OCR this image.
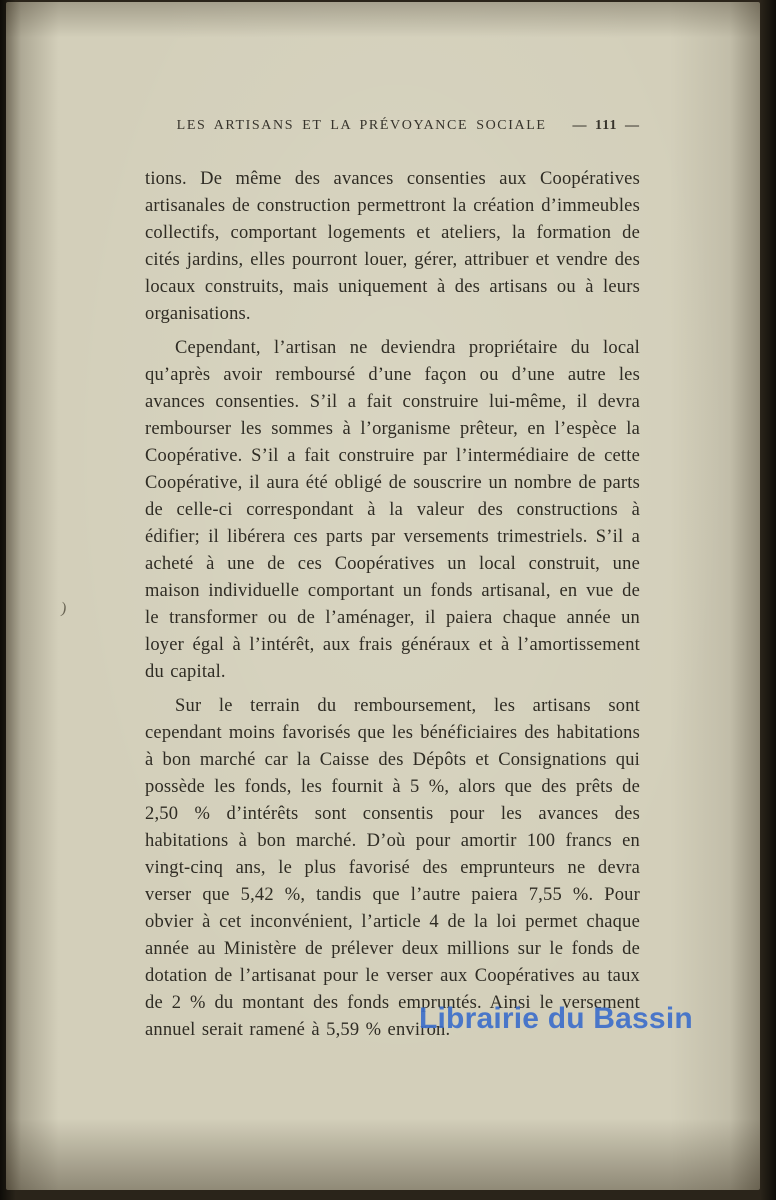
LES ARTISANS ET LA PRÉVOYANCE SOCIALE — 111 —

tions. De même des avances consenties aux Coopératives artisanales de construction permettront la création d’immeubles collectifs, comportant logements et ateliers, la formation de cités jardins, elles pourront louer, gérer, attribuer et vendre des locaux construits, mais uniquement à des artisans ou à leurs organisations.

Cependant, l’artisan ne deviendra propriétaire du local qu’après avoir remboursé d’une façon ou d’une autre les avances consenties. S’il a fait construire lui-même, il devra rembourser les sommes à l’organisme prêteur, en l’espèce la Coopérative. S’il a fait construire par l’intermédiaire de cette Coopérative, il aura été obligé de souscrire un nombre de parts de celle-ci correspondant à la valeur des constructions à édifier; il libérera ces parts par versements trimestriels. S’il a acheté à une de ces Coopératives un local construit, une maison individuelle comportant un fonds artisanal, en vue de le transformer ou de l’aménager, il paiera chaque année un loyer égal à l’intérêt, aux frais généraux et à l’amortissement du capital.

Sur le terrain du remboursement, les artisans sont cependant moins favorisés que les bénéficiaires des habitations à bon marché car la Caisse des Dépôts et Consignations qui possède les fonds, les fournit à 5 %, alors que des prêts de 2,50 % d’intérêts sont consentis pour les avances des habitations à bon marché. D’où pour amortir 100 francs en vingt-cinq ans, le plus favorisé des emprunteurs ne devra verser que 5,42 %, tandis que l’autre paiera 7,55 %. Pour obvier à cet inconvénient, l’article 4 de la loi permet chaque année au Ministère de prélever deux millions sur le fonds de dotation de l’artisanat pour le verser aux Coopératives au taux de 2 % du montant des fonds empruntés. Ainsi le versement annuel serait ramené à 5,59 % environ.

)
Librairie du Bassin
